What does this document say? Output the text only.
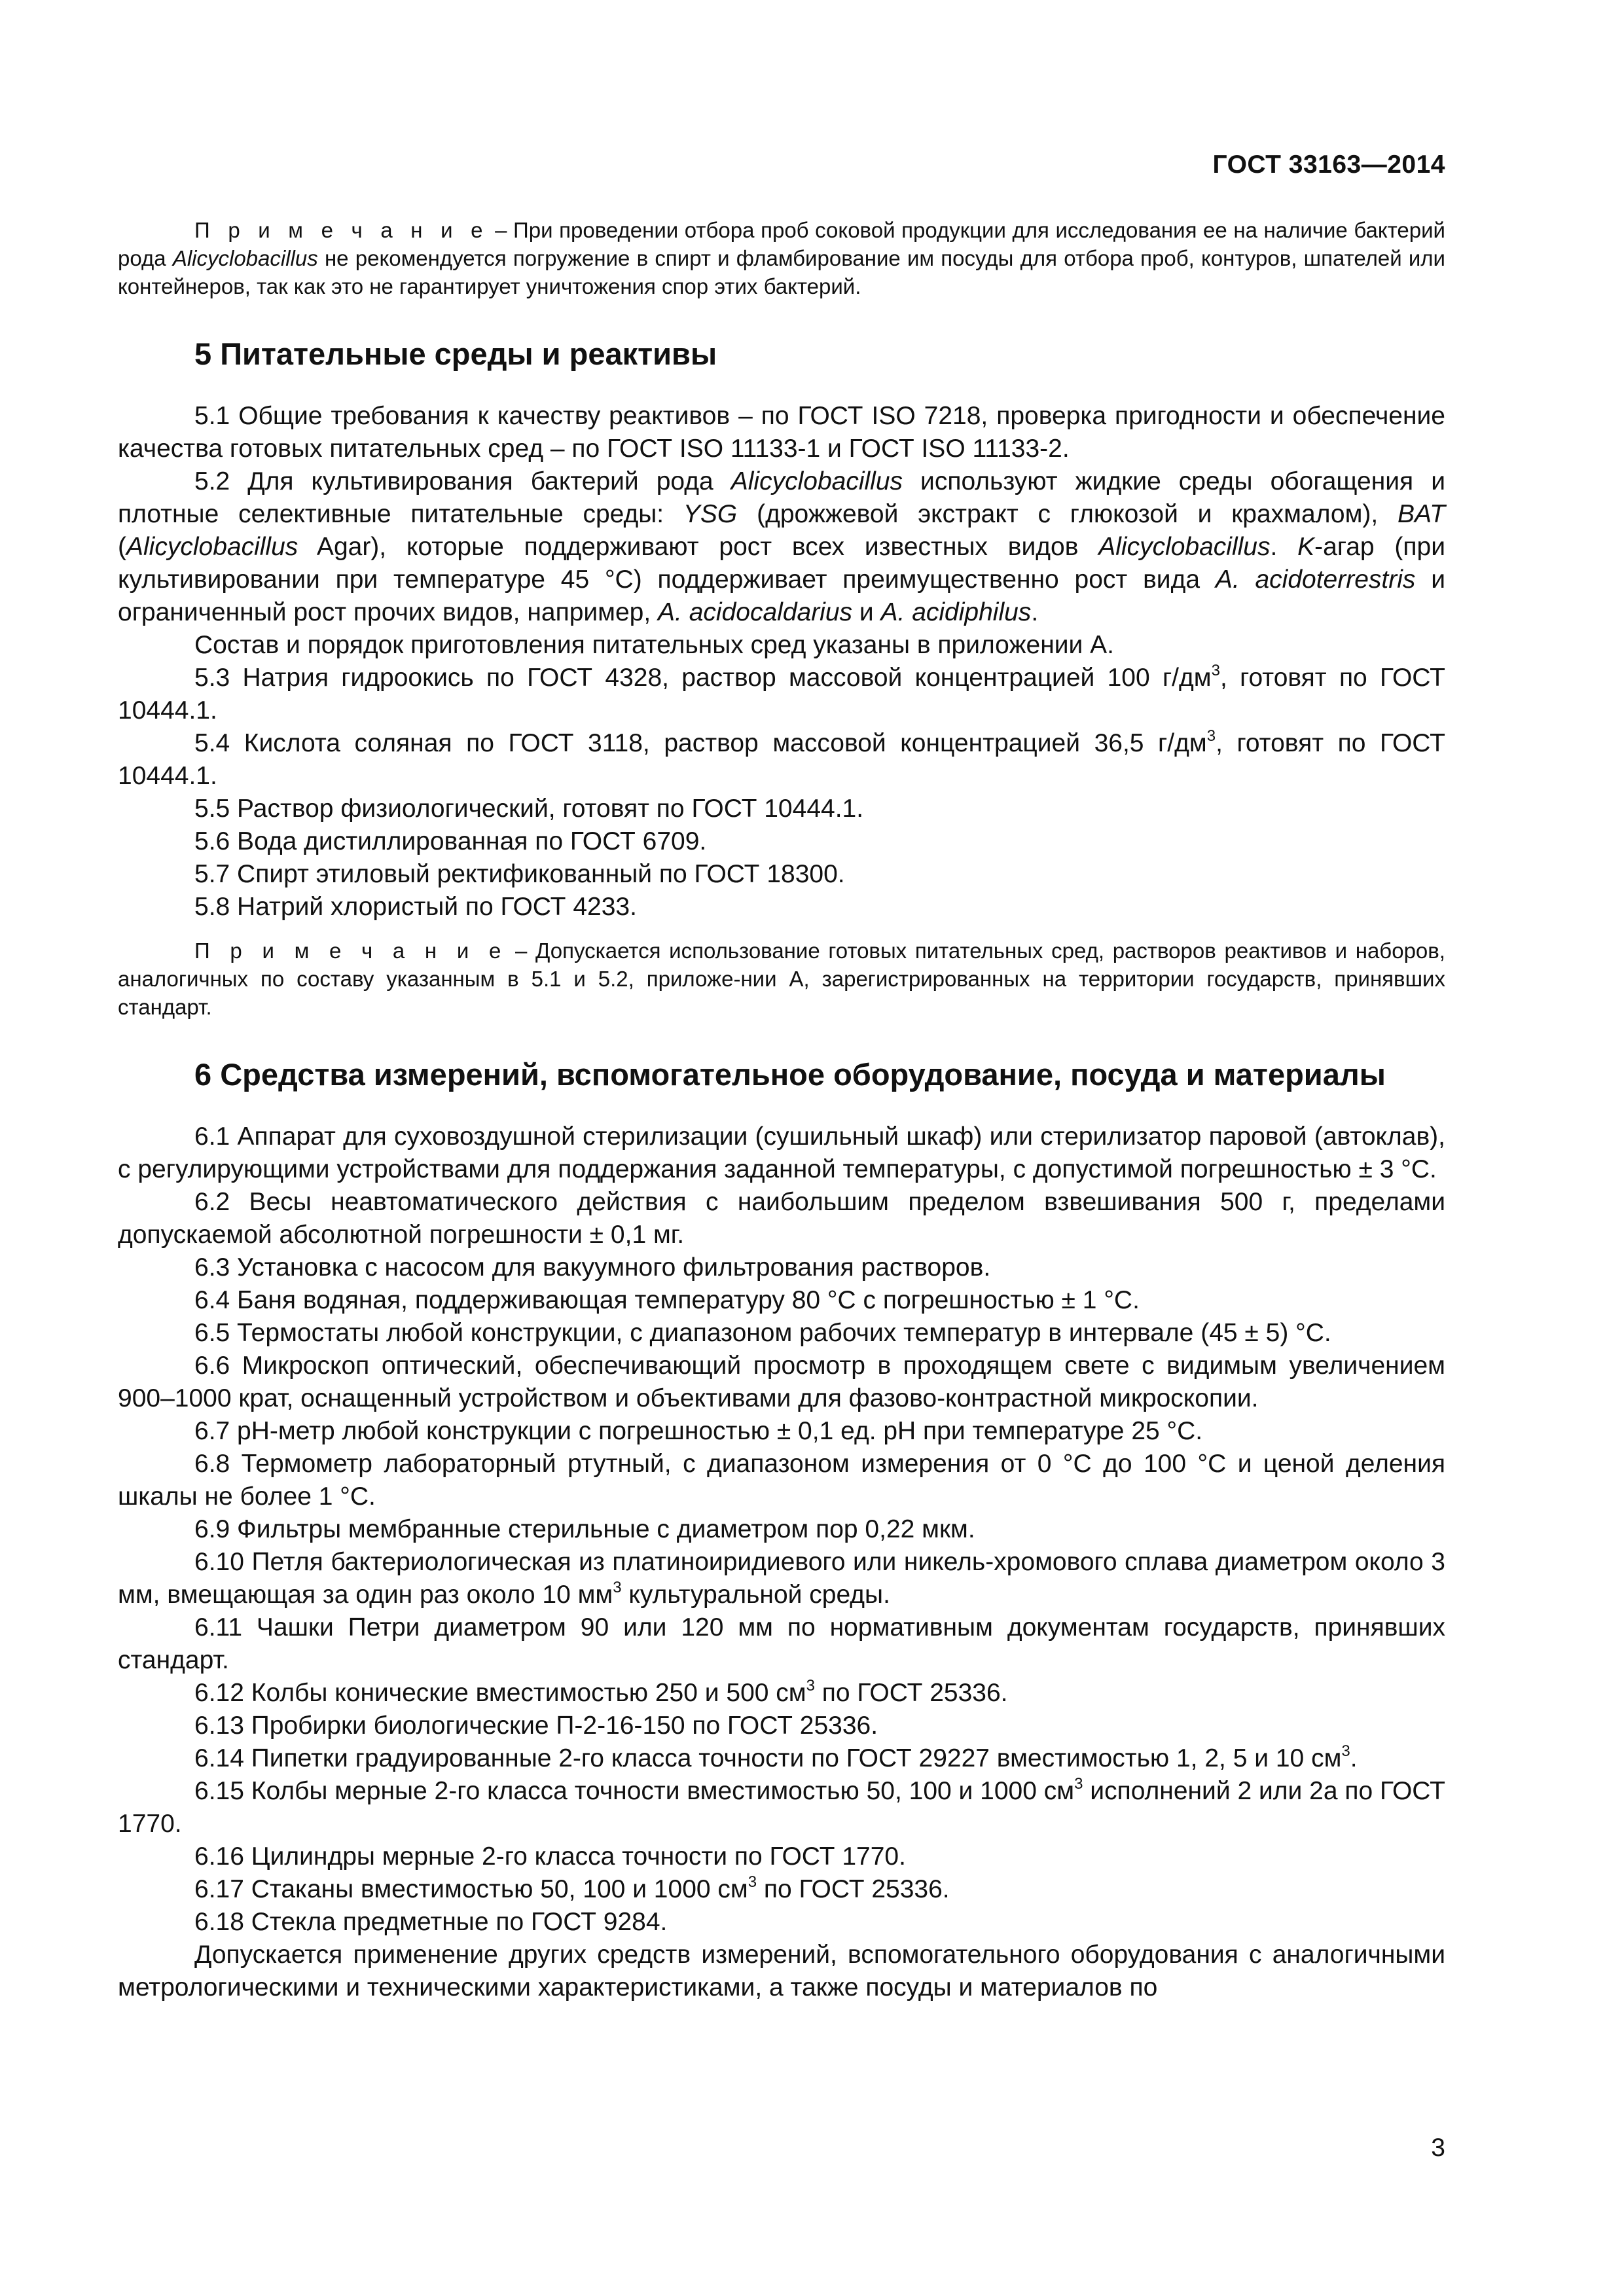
ГОСТ 33163—2014

П р и м е ч а н и е – При проведении отбора проб соковой продукции для исследования ее на наличие бактерий рода Alicyclobacillus не рекомендуется погружение в спирт и фламбирование им посуды для отбора проб, контуров, шпателей или контейнеров, так как это не гарантирует уничтожения спор этих бактерий.

5 Питательные среды и реактивы

5.1 Общие требования к качеству реактивов – по ГОСТ ISO 7218, проверка пригодности и обеспечение качества готовых питательных сред – по ГОСТ ISO 11133-1 и ГОСТ ISO 11133-2.

5.2 Для культивирования бактерий рода Alicyclobacillus используют жидкие среды обогащения и плотные селективные питательные среды: YSG (дрожжевой экстракт с глюкозой и крахмалом), BAT (Alicyclobacillus Agar), которые поддерживают рост всех известных видов Alicyclobacillus. K-агар (при культивировании при температуре 45 °С) поддерживает преимущественно рост вида A. acidoterrestris и ограниченный рост прочих видов, например, A. acidocaldarius и A. acidiphilus.

Состав и порядок приготовления питательных сред указаны в приложении А.

5.3 Натрия гидроокись по ГОСТ 4328, раствор массовой концентрацией 100 $г/дм^3$, готовят по ГОСТ 10444.1.

5.4 Кислота соляная по ГОСТ 3118, раствор массовой концентрацией 36,5 $г/дм^3$, готовят по ГОСТ 10444.1.

5.5 Раствор физиологический, готовят по ГОСТ 10444.1.

5.6 Вода дистиллированная по ГОСТ 6709.

5.7 Спирт этиловый ректификованный по ГОСТ 18300.

5.8 Натрий хлористый по ГОСТ 4233.

П р и м е ч а н и е – Допускается использование готовых питательных сред, растворов реактивов и наборов, аналогичных по составу указанным в 5.1 и 5.2, приложе-нии А, зарегистрированных на территории государств, принявших стандарт.

6 Средства измерений, вспомогательное оборудование, посуда и материалы

6.1 Аппарат для суховоздушной стерилизации (сушильный шкаф) или стерилизатор паровой (автоклав), с регулирующими устройствами для поддержания заданной температуры, с допустимой погрешностью ± 3 °С.

6.2 Весы неавтоматического действия с наибольшим пределом взвешивания 500 г, пределами допускаемой абсолютной погрешности ± 0,1 мг.

6.3 Установка с насосом для вакуумного фильтрования растворов.

6.4 Баня водяная, поддерживающая температуру 80 °С с погрешностью ± 1 °С.

6.5 Термостаты любой конструкции, с диапазоном рабочих температур в интервале (45 ± 5) °С.

6.6 Микроскоп оптический, обеспечивающий просмотр в проходящем свете с видимым увеличением 900–1000 крат, оснащенный устройством и объективами для фазово-контрастной микроскопии.

6.7 рН-метр любой конструкции с погрешностью ± 0,1 ед. рН при температуре 25 °С.

6.8 Термометр лабораторный ртутный, с диапазоном измерения от 0 °С до 100 °С и ценой деления шкалы не более 1 °С.

6.9 Фильтры мембранные стерильные с диаметром пор 0,22 мкм.

6.10 Петля бактериологическая из платиноиридиевого или никель-хромового сплава диаметром около 3 мм, вмещающая за один раз около 10 $мм^3$ культуральной среды.

6.11 Чашки Петри диаметром 90 или 120 мм по нормативным документам государств, принявших стандарт.

6.12 Колбы конические вместимостью 250 и 500 $см^3$ по ГОСТ 25336.

6.13 Пробирки биологические П-2-16-150 по ГОСТ 25336.

6.14 Пипетки градуированные 2-го класса точности по ГОСТ 29227 вместимостью 1, 2, 5 и 10 $см^3$.

6.15 Колбы мерные 2-го класса точности вместимостью 50, 100 и 1000 $см^3$ исполнений 2 или 2а по ГОСТ 1770.

6.16 Цилиндры мерные 2-го класса точности по ГОСТ 1770.

6.17 Стаканы вместимостью 50, 100 и 1000 $см^3$ по ГОСТ 25336.

6.18 Стекла предметные по ГОСТ 9284.

Допускается применение других средств измерений, вспомогательного оборудования с аналогичными метрологическими и техническими характеристиками, а также посуды и материалов по

3
